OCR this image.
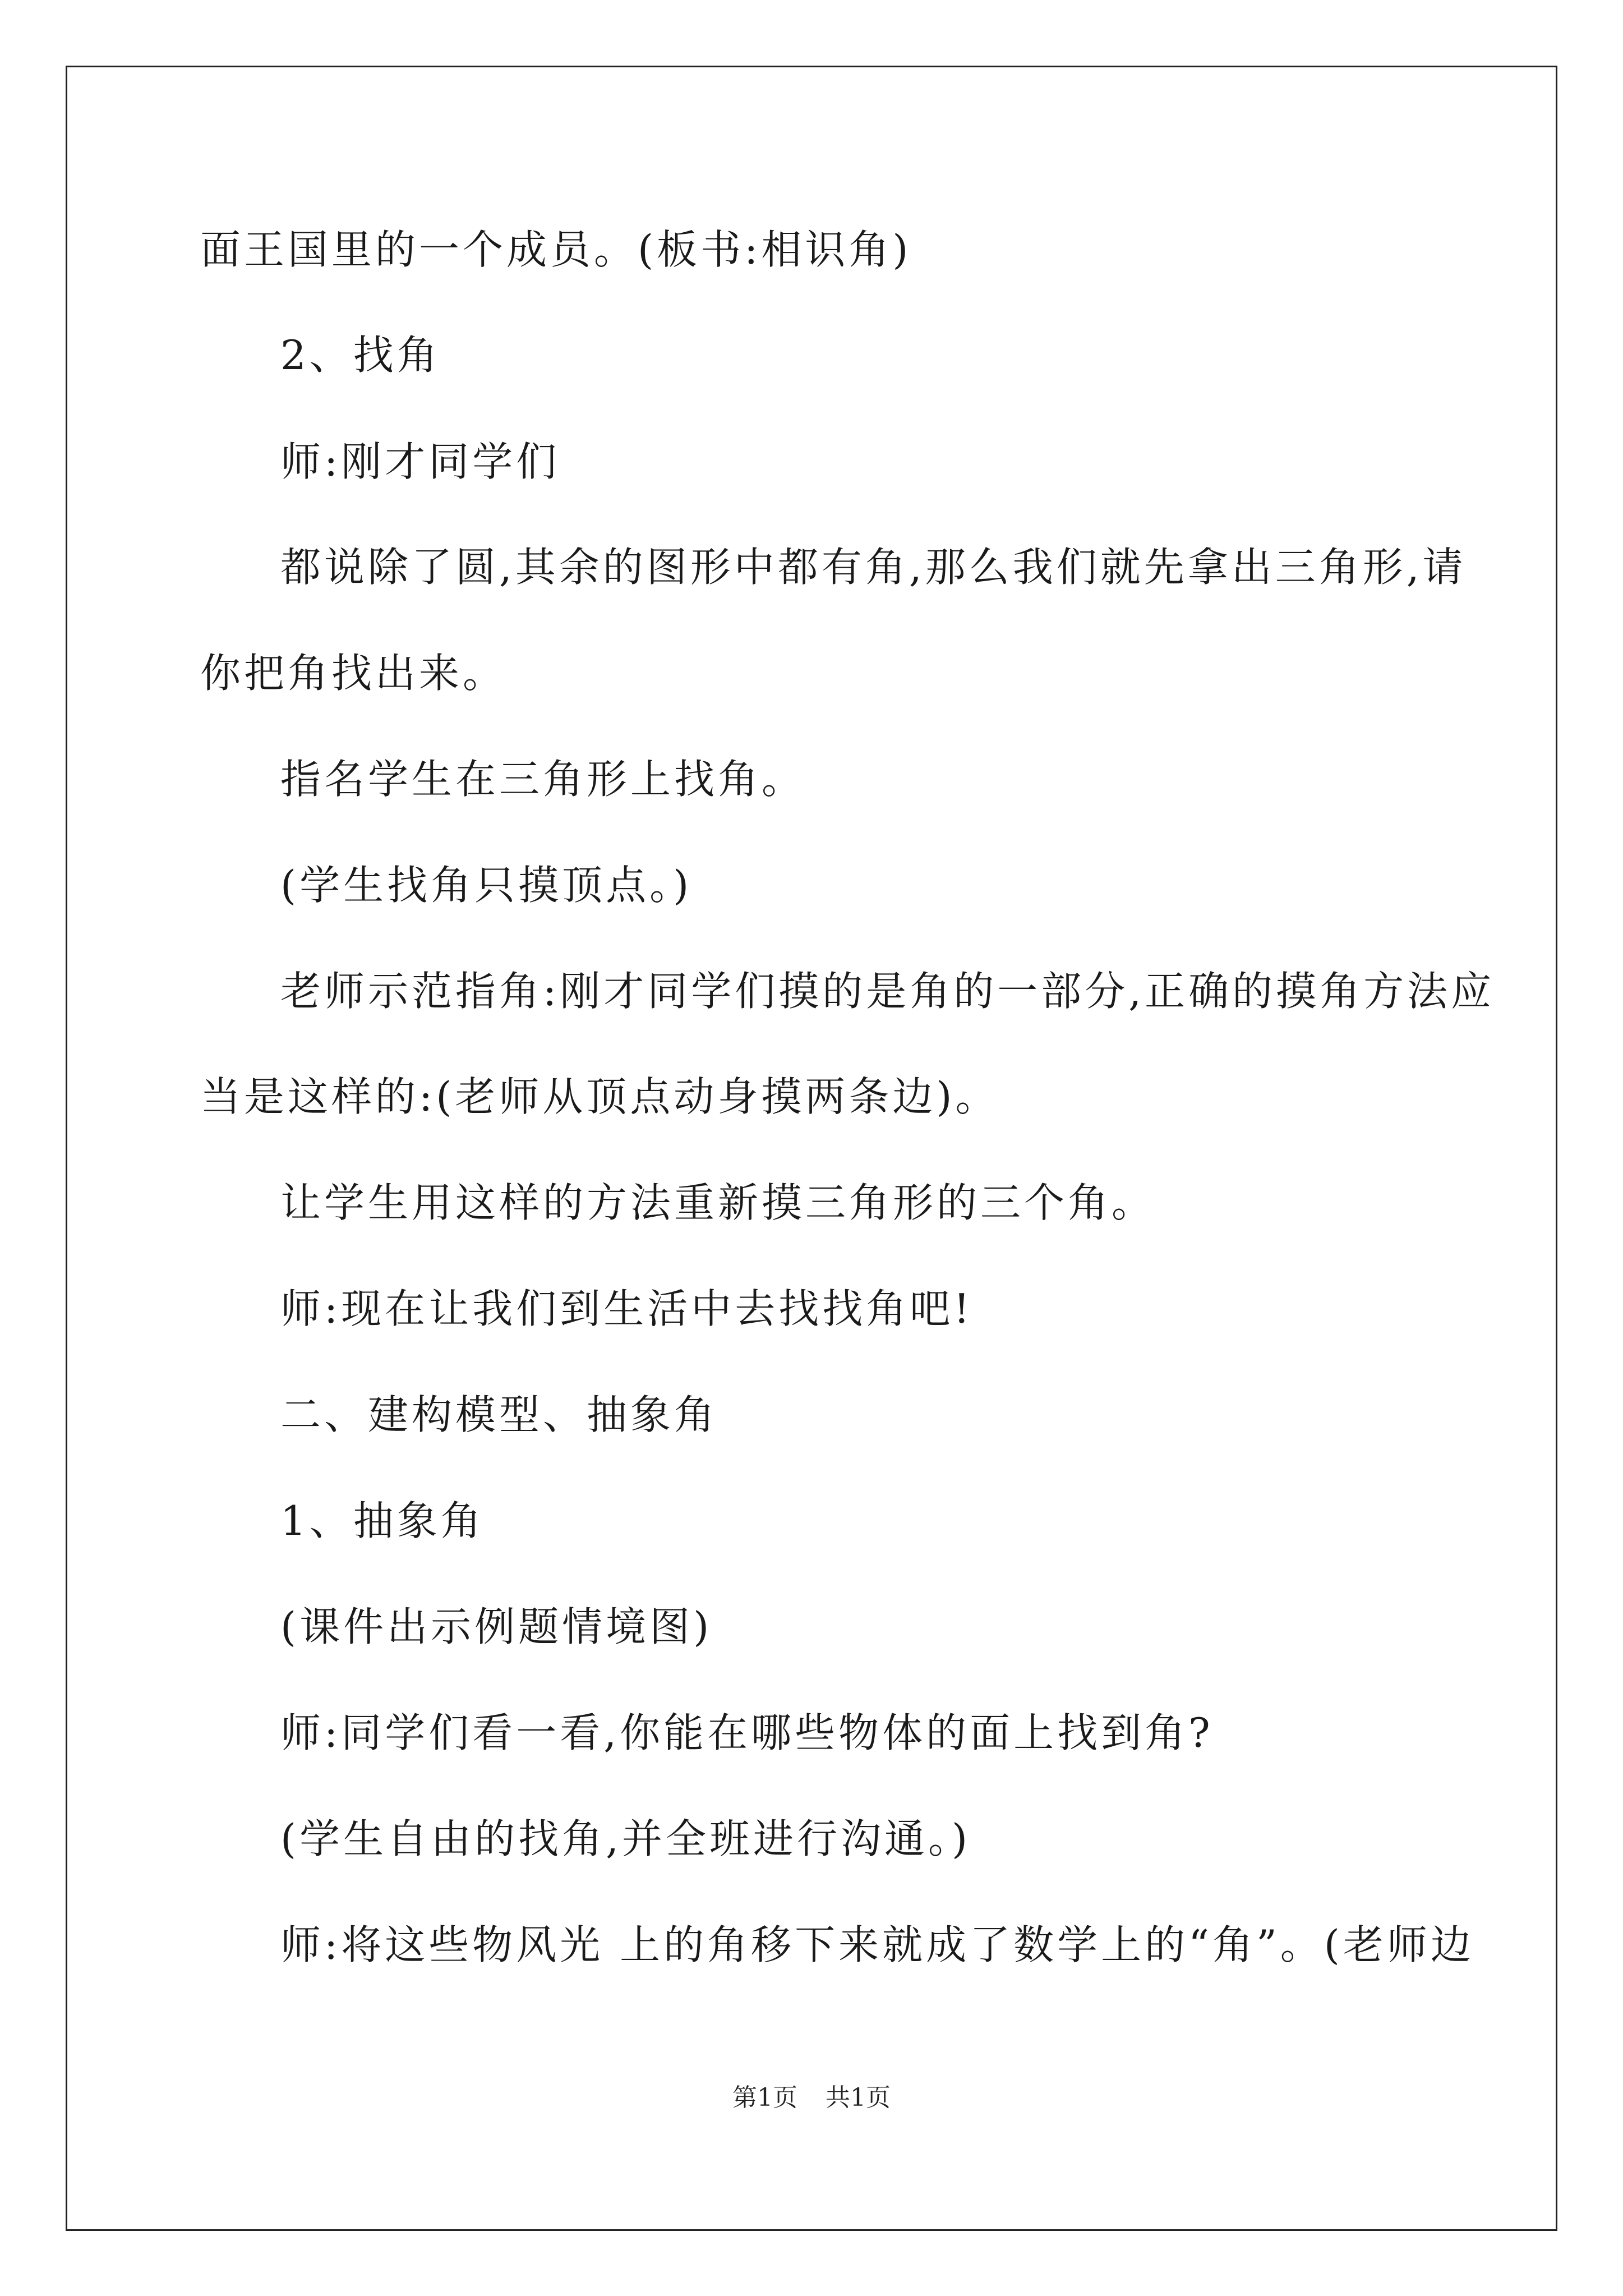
面王国里的一个成员。(板书:相识角)
2、找角
师:刚才同学们
都说除了圆,其余的图形中都有角,那么我们就先拿出三角形,请
你把角找出来。
指名学生在三角形上找角。
(学生找角只摸顶点。)
老师示范指角:刚才同学们摸的是角的一部分,正确的摸角方法应
当是这样的:(老师从顶点动身摸两条边)。
让学生用这样的方法重新摸三角形的三个角。
师:现在让我们到生活中去找找角吧!
二、建构模型、抽象角
1、抽象角
(课件出示例题情境图)
师:同学们看一看,你能在哪些物体的面上找到角?
(学生自由的找角,并全班进行沟通。)
师:将这些物风光 上的角移下来就成了数学上的“角”。(老师边
第1页 共1页
